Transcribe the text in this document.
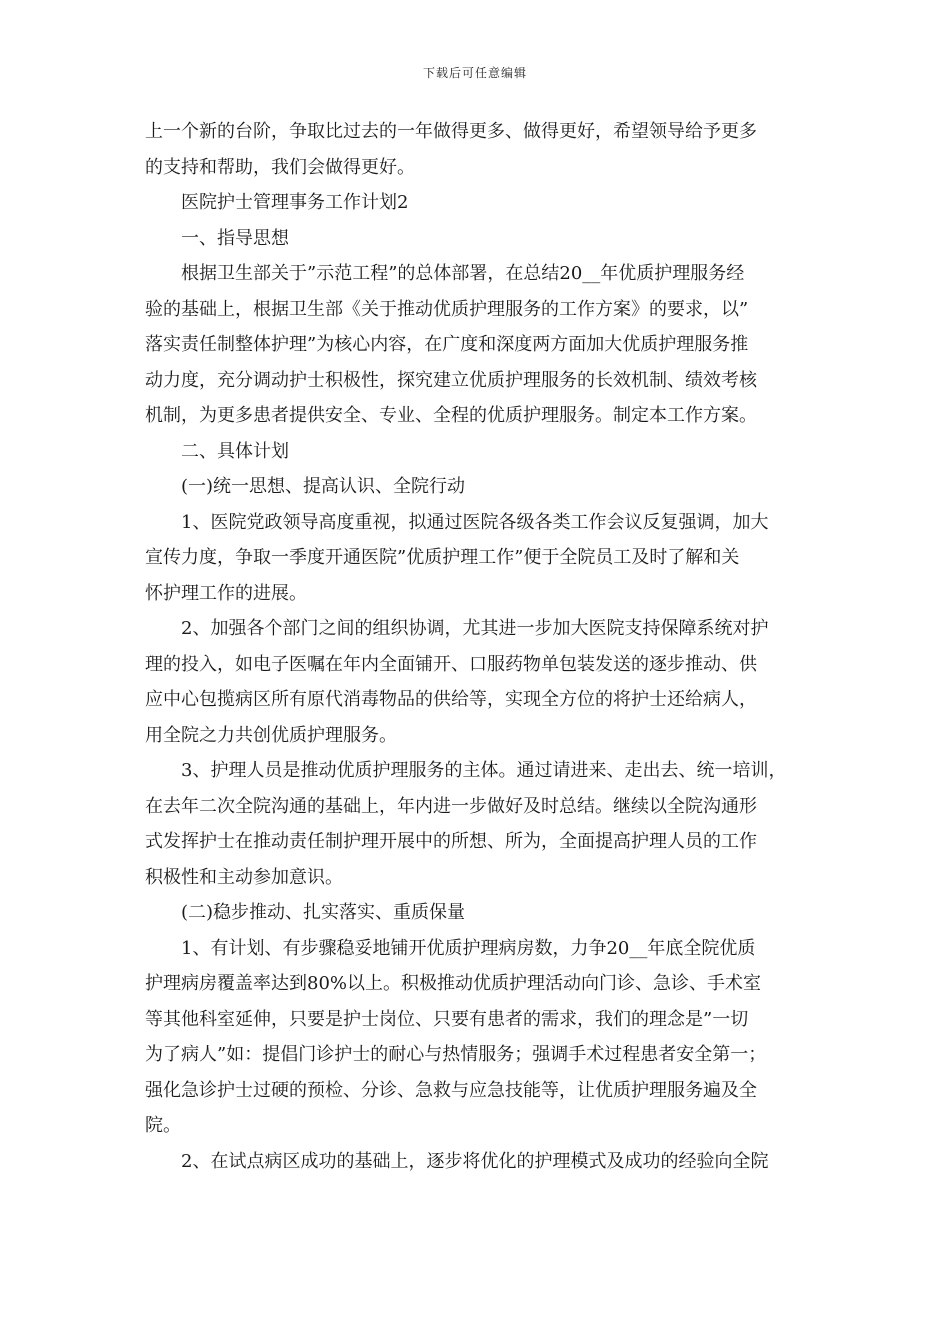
下载后可任意编辑
上一个新的台阶，争取比过去的一年做得更多、做得更好，希望领导给予更多
的支持和帮助，我们会做得更好。
医院护士管理事务工作计划2
一、指导思想
根据卫生部关于”示范工程”的总体部署，在总结20__年优质护理服务经
验的基础上，根据卫生部《关于推动优质护理服务的工作方案》的要求，以”
落实责任制整体护理”为核心内容，在广度和深度两方面加大优质护理服务推
动力度，充分调动护士积极性，探究建立优质护理服务的长效机制、绩效考核
机制，为更多患者提供安全、专业、全程的优质护理服务。制定本工作方案。
二、具体计划
(一)统一思想、提高认识、全院行动
1、医院党政领导高度重视，拟通过医院各级各类工作会议反复强调，加大
宣传力度，争取一季度开通医院”优质护理工作”便于全院员工及时了解和关
怀护理工作的进展。
2、加强各个部门之间的组织协调，尤其进一步加大医院支持保障系统对护
理的投入，如电子医嘱在年内全面铺开、口服药物单包装发送的逐步推动、供
应中心包揽病区所有原代消毒物品的供给等，实现全方位的将护士还给病人，
用全院之力共创优质护理服务。
3、护理人员是推动优质护理服务的主体。通过请进来、走出去、统一培训，
在去年二次全院沟通的基础上，年内进一步做好及时总结。继续以全院沟通形
式发挥护士在推动责任制护理开展中的所想、所为，全面提高护理人员的工作
积极性和主动参加意识。
(二)稳步推动、扎实落实、重质保量
1、有计划、有步骤稳妥地铺开优质护理病房数，力争20__年底全院优质
护理病房覆盖率达到80%以上。积极推动优质护理活动向门诊、急诊、手术室
等其他科室延伸，只要是护士岗位、只要有患者的需求，我们的理念是”一切
为了病人”如：提倡门诊护士的耐心与热情服务；强调手术过程患者安全第一；
强化急诊护士过硬的预检、分诊、急救与应急技能等，让优质护理服务遍及全
院。
2、在试点病区成功的基础上，逐步将优化的护理模式及成功的经验向全院
